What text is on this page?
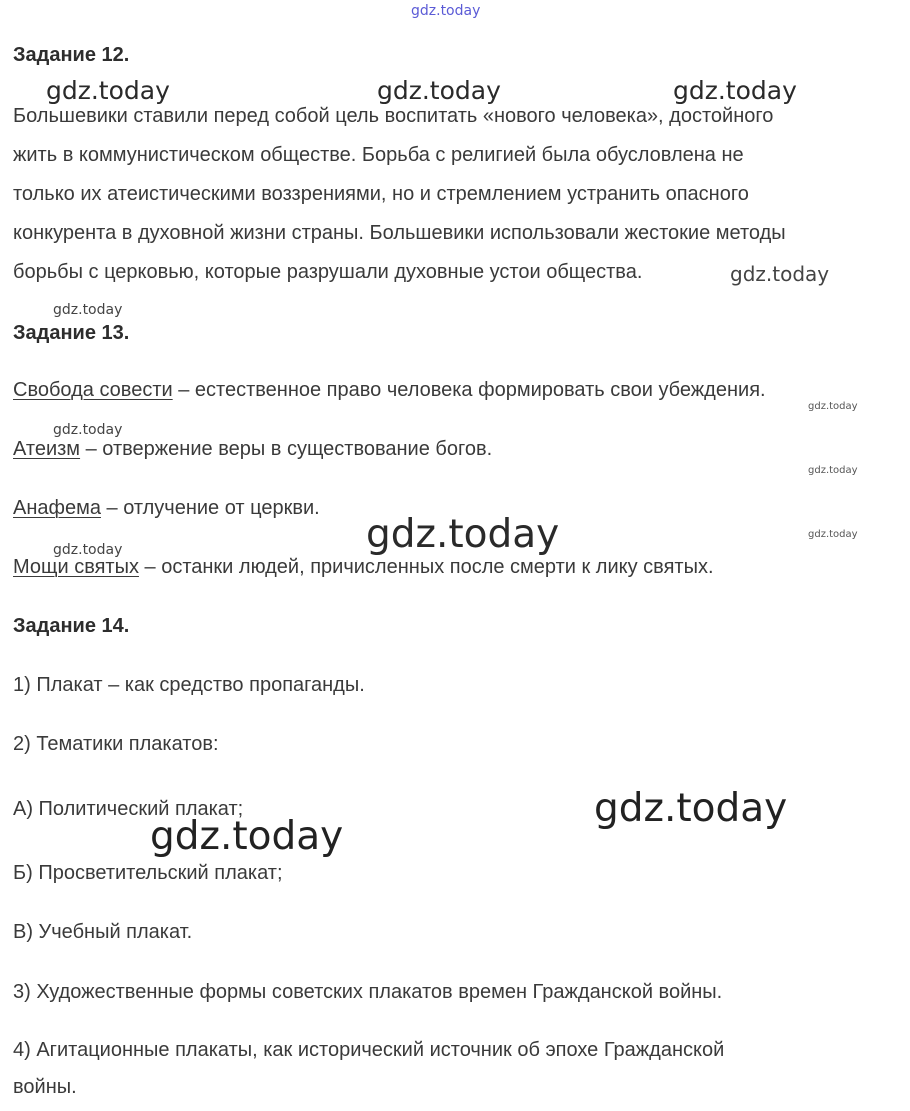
gdz.today
Задание 12.
gdz.today	gdz.today	gdz.today
Большевики ставили перед собой цель воспитать «нового человека», достойного
жить в коммунистическом обществе. Борьба с религией была обусловлена не
только их атеистическими воззрениями, но и стремлением устранить опасного
конкурента в духовной жизни страны. Большевики использовали жестокие методы
борьбы с церковью, которые разрушали духовные устои общества.	gdz.today
gdz.today
Задание 13.
Свобода совести – естественное право человека формировать свои убеждения.
gdz.today
gdz.today
Атеизм – отвержение веры в существование богов.
gdz.today
Анафема – отлучение от церкви.
gdz.today	gdz.today
gdz.today
Мощи святых – останки людей, причисленных после смерти к лику святых.
Задание 14.
1) Плакат – как средство пропаганды.
2) Тематики плакатов:
А) Политический плакат;	gdz.today
gdz.today
Б) Просветительский плакат;
В) Учебный плакат.
3) Художественные формы советских плакатов времен Гражданской войны.
4) Агитационные плакаты, как исторический источник об эпохе Гражданской
войны.
